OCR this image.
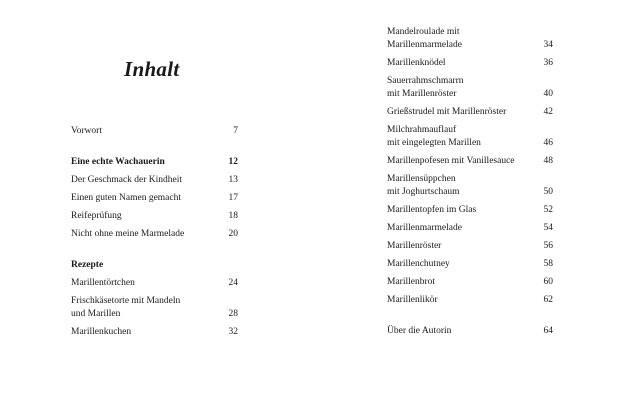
Inhalt
Vorwort	7
Eine echte Wachauerin	12
Der Geschmack der Kindheit	13
Einen guten Namen gemacht	17
Reifeprüfung	18
Nicht ohne meine Marmelade	20
Rezepte
Marillentörtchen	24
Frischkäsetorte mit Mandeln
und Marillen	28
Marillenkuchen	32
Mandelroulade mit
Marillenmarmelade	34
Marillenknödel	36
Sauerrahmschmarrn
mit Marillenröster	40
Grießstrudel mit Marillenröster	42
Milchrahmauflauf
mit eingelegten Marillen	46
Marillenpofesen mit Vanillesauce	48
Marillensüppchen
mit Joghurtschaum	50
Marillentopfen im Glas	52
Marillenmarmelade	54
Marillenröster	56
Marillenchutney	58
Marillenbrot	60
Marillenlikör	62
Über die Autorin	64
